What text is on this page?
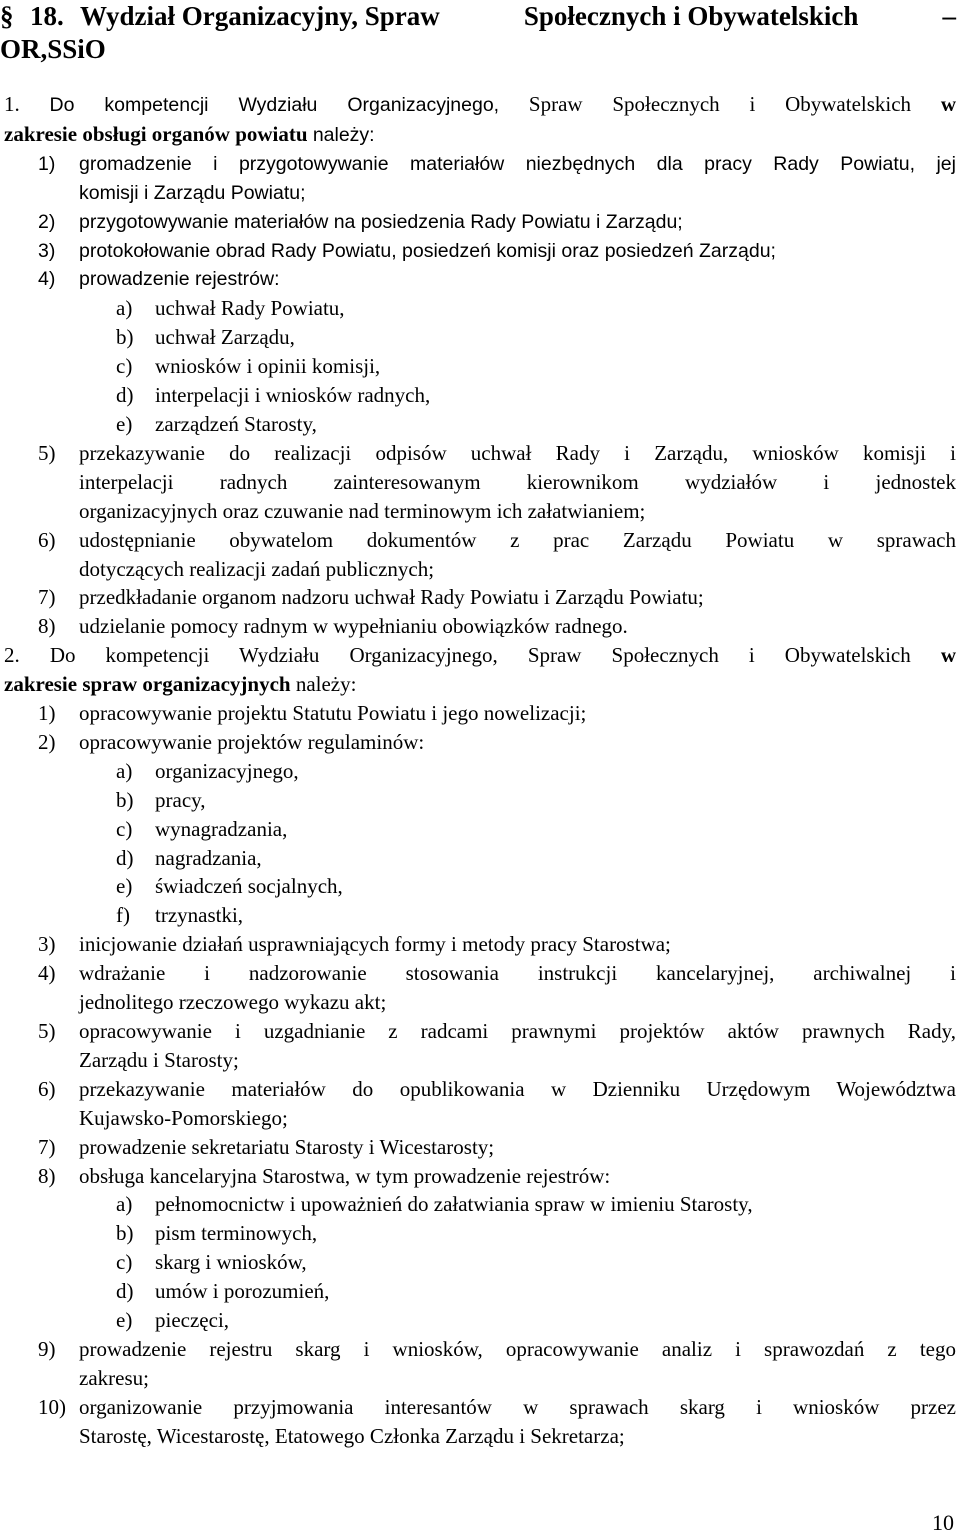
§ 18. Wydział Organizacyjny, Spraw	Społecznych i Obywatelskich	–
OR,SSiO
1. Do kompetencji Wydziału Organizacyjnego, Spraw Społecznych i Obywatelskich w
zakresie obsługi organów powiatu należy:
1) gromadzenie i przygotowywanie materiałów niezbędnych dla pracy Rady Powiatu, jej
komisji i Zarządu Powiatu;
2) przygotowywanie materiałów na posiedzenia Rady Powiatu i Zarządu;
3) protokołowanie obrad Rady Powiatu, posiedzeń komisji oraz posiedzeń Zarządu;
4) prowadzenie rejestrów:
a) uchwał Rady Powiatu,
b) uchwał Zarządu,
c) wniosków i opinii komisji,
d) interpelacji i wniosków radnych,
e) zarządzeń Starosty,
5) przekazywanie do realizacji odpisów uchwał Rady i Zarządu, wniosków komisji i
interpelacji radnych zainteresowanym kierownikom wydziałów i jednostek
organizacyjnych oraz czuwanie nad terminowym ich załatwianiem;
6) udostępnianie obywatelom dokumentów z prac Zarządu Powiatu w sprawach
dotyczących realizacji zadań publicznych;
7) przedkładanie organom nadzoru uchwał Rady Powiatu i Zarządu Powiatu;
8) udzielanie pomocy radnym w wypełnianiu obowiązków radnego.
2. Do kompetencji Wydziału Organizacyjnego, Spraw Społecznych i Obywatelskich w
zakresie spraw organizacyjnych należy:
1) opracowywanie projektu Statutu Powiatu i jego nowelizacji;
2) opracowywanie projektów regulaminów:
a) organizacyjnego,
b) pracy,
c) wynagradzania,
d) nagradzania,
e) świadczeń socjalnych,
f) trzynastki,
3) inicjowanie działań usprawniających formy i metody pracy Starostwa;
4) wdrażanie i nadzorowanie stosowania instrukcji kancelaryjnej, archiwalnej i
jednolitego rzeczowego wykazu akt;
5) opracowywanie i uzgadnianie z radcami prawnymi projektów aktów prawnych Rady,
Zarządu i Starosty;
6) przekazywanie materiałów do opublikowania w Dzienniku Urzędowym Województwa
Kujawsko-Pomorskiego;
7) prowadzenie sekretariatu Starosty i Wicestarosty;
8) obsługa kancelaryjna Starostwa, w tym prowadzenie rejestrów:
a) pełnomocnictw i upoważnień do załatwiania spraw w imieniu Starosty,
b) pism terminowych,
c) skarg i wniosków,
d) umów i porozumień,
e) pieczęci,
9) prowadzenie rejestru skarg i wniosków, opracowywanie analiz i sprawozdań z tego
zakresu;
10) organizowanie przyjmowania interesantów w sprawach skarg i wniosków przez
Starostę, Wicestarostę, Etatowego Członka Zarządu i Sekretarza;
10
